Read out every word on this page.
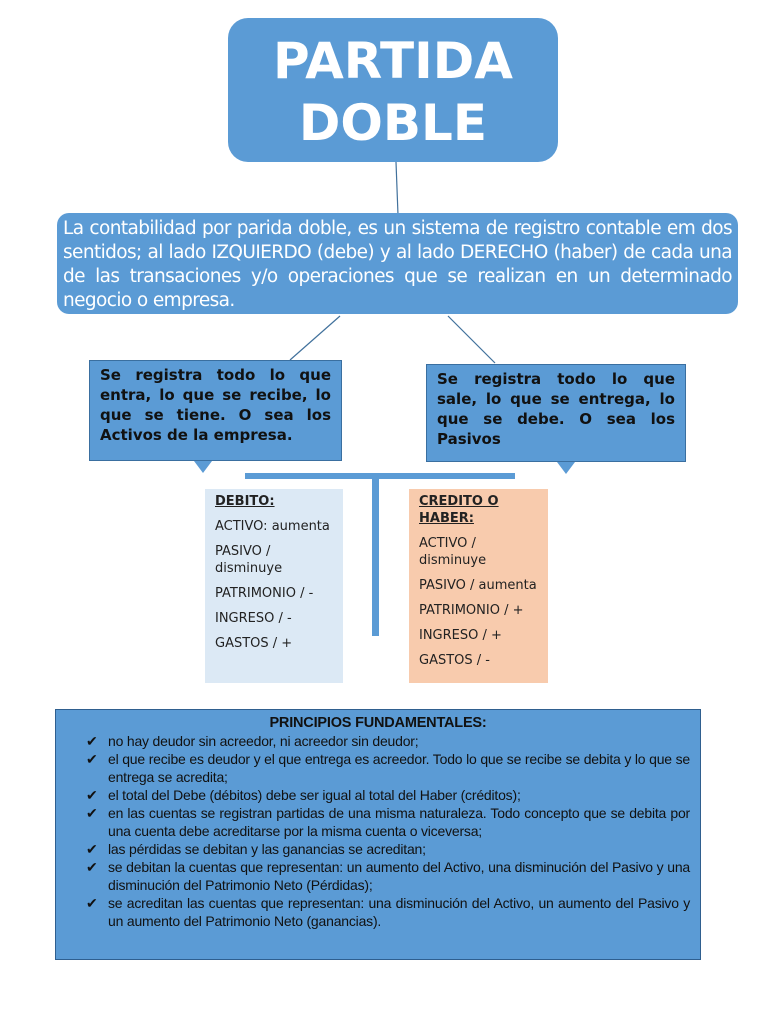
PARTIDA
DOBLE
La contabilidad por parida doble, es un sistema de registro contable em dos sentidos; al lado IZQUIERDO (debe) y al lado DERECHO (haber) de cada una de las transaciones y/o operaciones que se realizan en un determinado negocio o empresa.
Se registra todo lo que entra, lo que se recibe, lo que se tiene. O sea los Activos de la empresa.
Se registra todo lo que sale, lo que se entrega, lo que se debe. O sea los Pasivos
DEBITO:

ACTIVO: aumenta

PASIVO / disminuye

PATRIMONIO / -

INGRESO / -

GASTOS / +

CREDITO O HABER:

ACTIVO / disminuye

PASIVO / aumenta

PATRIMONIO / +

INGRESO / +

GASTOS / -

PRINCIPIOS FUNDAMENTALES:
✔ no hay deudor sin acreedor, ni acreedor sin deudor;
✔ el que recibe es deudor y el que entrega es acreedor. Todo lo que se recibe se debita y lo que se entrega se acredita;
✔ el total del Debe (débitos) debe ser igual al total del Haber (créditos);
✔ en las cuentas se registran partidas de una misma naturaleza. Todo concepto que se debita por una cuenta debe acreditarse por la misma cuenta o viceversa;
✔ las pérdidas se debitan y las ganancias se acreditan;
✔ se debitan la cuentas que representan: un aumento del Activo, una disminución del Pasivo y una disminución del Patrimonio Neto (Pérdidas);
✔ se acreditan las cuentas que representan: una disminución del Activo, un aumento del Pasivo y un aumento del Patrimonio Neto (ganancias).
